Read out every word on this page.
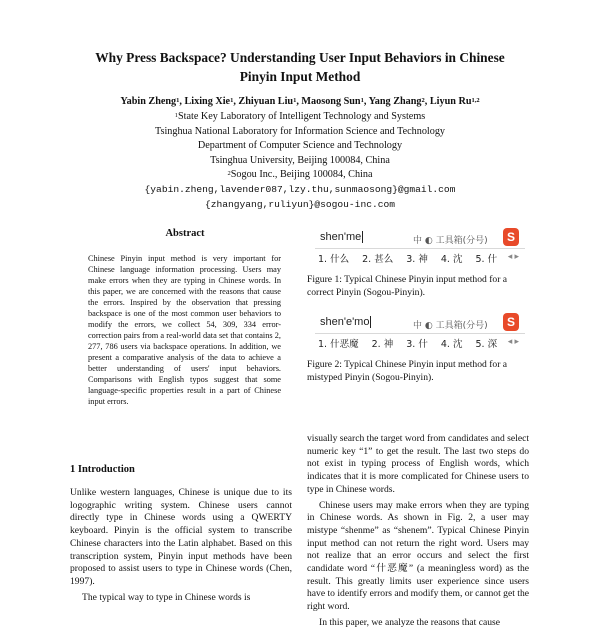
Why Press Backspace? Understanding User Input Behaviors in Chinese
Pinyin Input Method
Yabin Zheng$^1$, Lixing Xie$^1$, Zhiyuan Liu$^1$, Maosong Sun$^1$, Yang Zhang$^2$, Liyun Ru$^{1,2}$
$^1$State Key Laboratory of Intelligent Technology and Systems
Tsinghua National Laboratory for Information Science and Technology
Department of Computer Science and Technology
Tsinghua University, Beijing 100084, China
$^2$Sogou Inc., Beijing 100084, China
{yabin.zheng,lavender087,lzy.thu,sunmaosong}@gmail.com
{zhangyang,ruliyun}@sogou-inc.com
Abstract
Chinese Pinyin input method is very important for Chinese language information processing. Users may make errors when they are typing in Chinese words. In this paper, we are concerned with the reasons that cause the errors. Inspired by the observation that pressing backspace is one of the most common user behaviors to modify the errors, we collect 54, 309, 334 error-correction pairs from a real-world data set that contains 2, 277, 786 users via backspace operations. In addition, we present a comparative analysis of the data to achieve a better understanding of users' input behaviors. Comparisons with English typos suggest that some language-specific properties result in a part of Chinese input errors.
1 Introduction

Unlike western languages, Chinese is unique due to its logographic writing system. Chinese users cannot directly type in Chinese words using a QWERTY keyboard. Pinyin is the official system to transcribe Chinese characters into the Latin alphabet. Based on this transcription system, Pinyin input methods have been proposed to assist users to type in Chinese words (Chen, 1997).

The typical way to type in Chinese words is

shen'me	中 ◐ 工具箱(分号)	S
1. 什么 2. 甚么 3. 神 4. 沈 5. 什	◂ ▸
Figure 1: Typical Chinese Pinyin input method for a correct Pinyin (Sogou-Pinyin).
shen'e'mo	中 ◐ 工具箱(分号)	S
1. 什恶魔 2. 神 3. 什 4. 沈 5. 深	◂ ▸
Figure 2: Typical Chinese Pinyin input method for a mistyped Pinyin (Sogou-Pinyin).

visually search the target word from candidates and select numeric key “1” to get the result. The last two steps do not exist in typing process of English words, which indicates that it is more complicated for Chinese users to type in Chinese words.

Chinese users may make errors when they are typing in Chinese words. As shown in Fig. 2, a user may mistype “shenme” as “shenem”. Typical Chinese Pinyin input method can not return the right word. Users may not realize that an error occurs and select the first candidate word “什恶魔” (a meaningless word) as the result. This greatly limits user experience since users have to identify errors and modify them, or cannot get the right word.

In this paper, we analyze the reasons that cause
